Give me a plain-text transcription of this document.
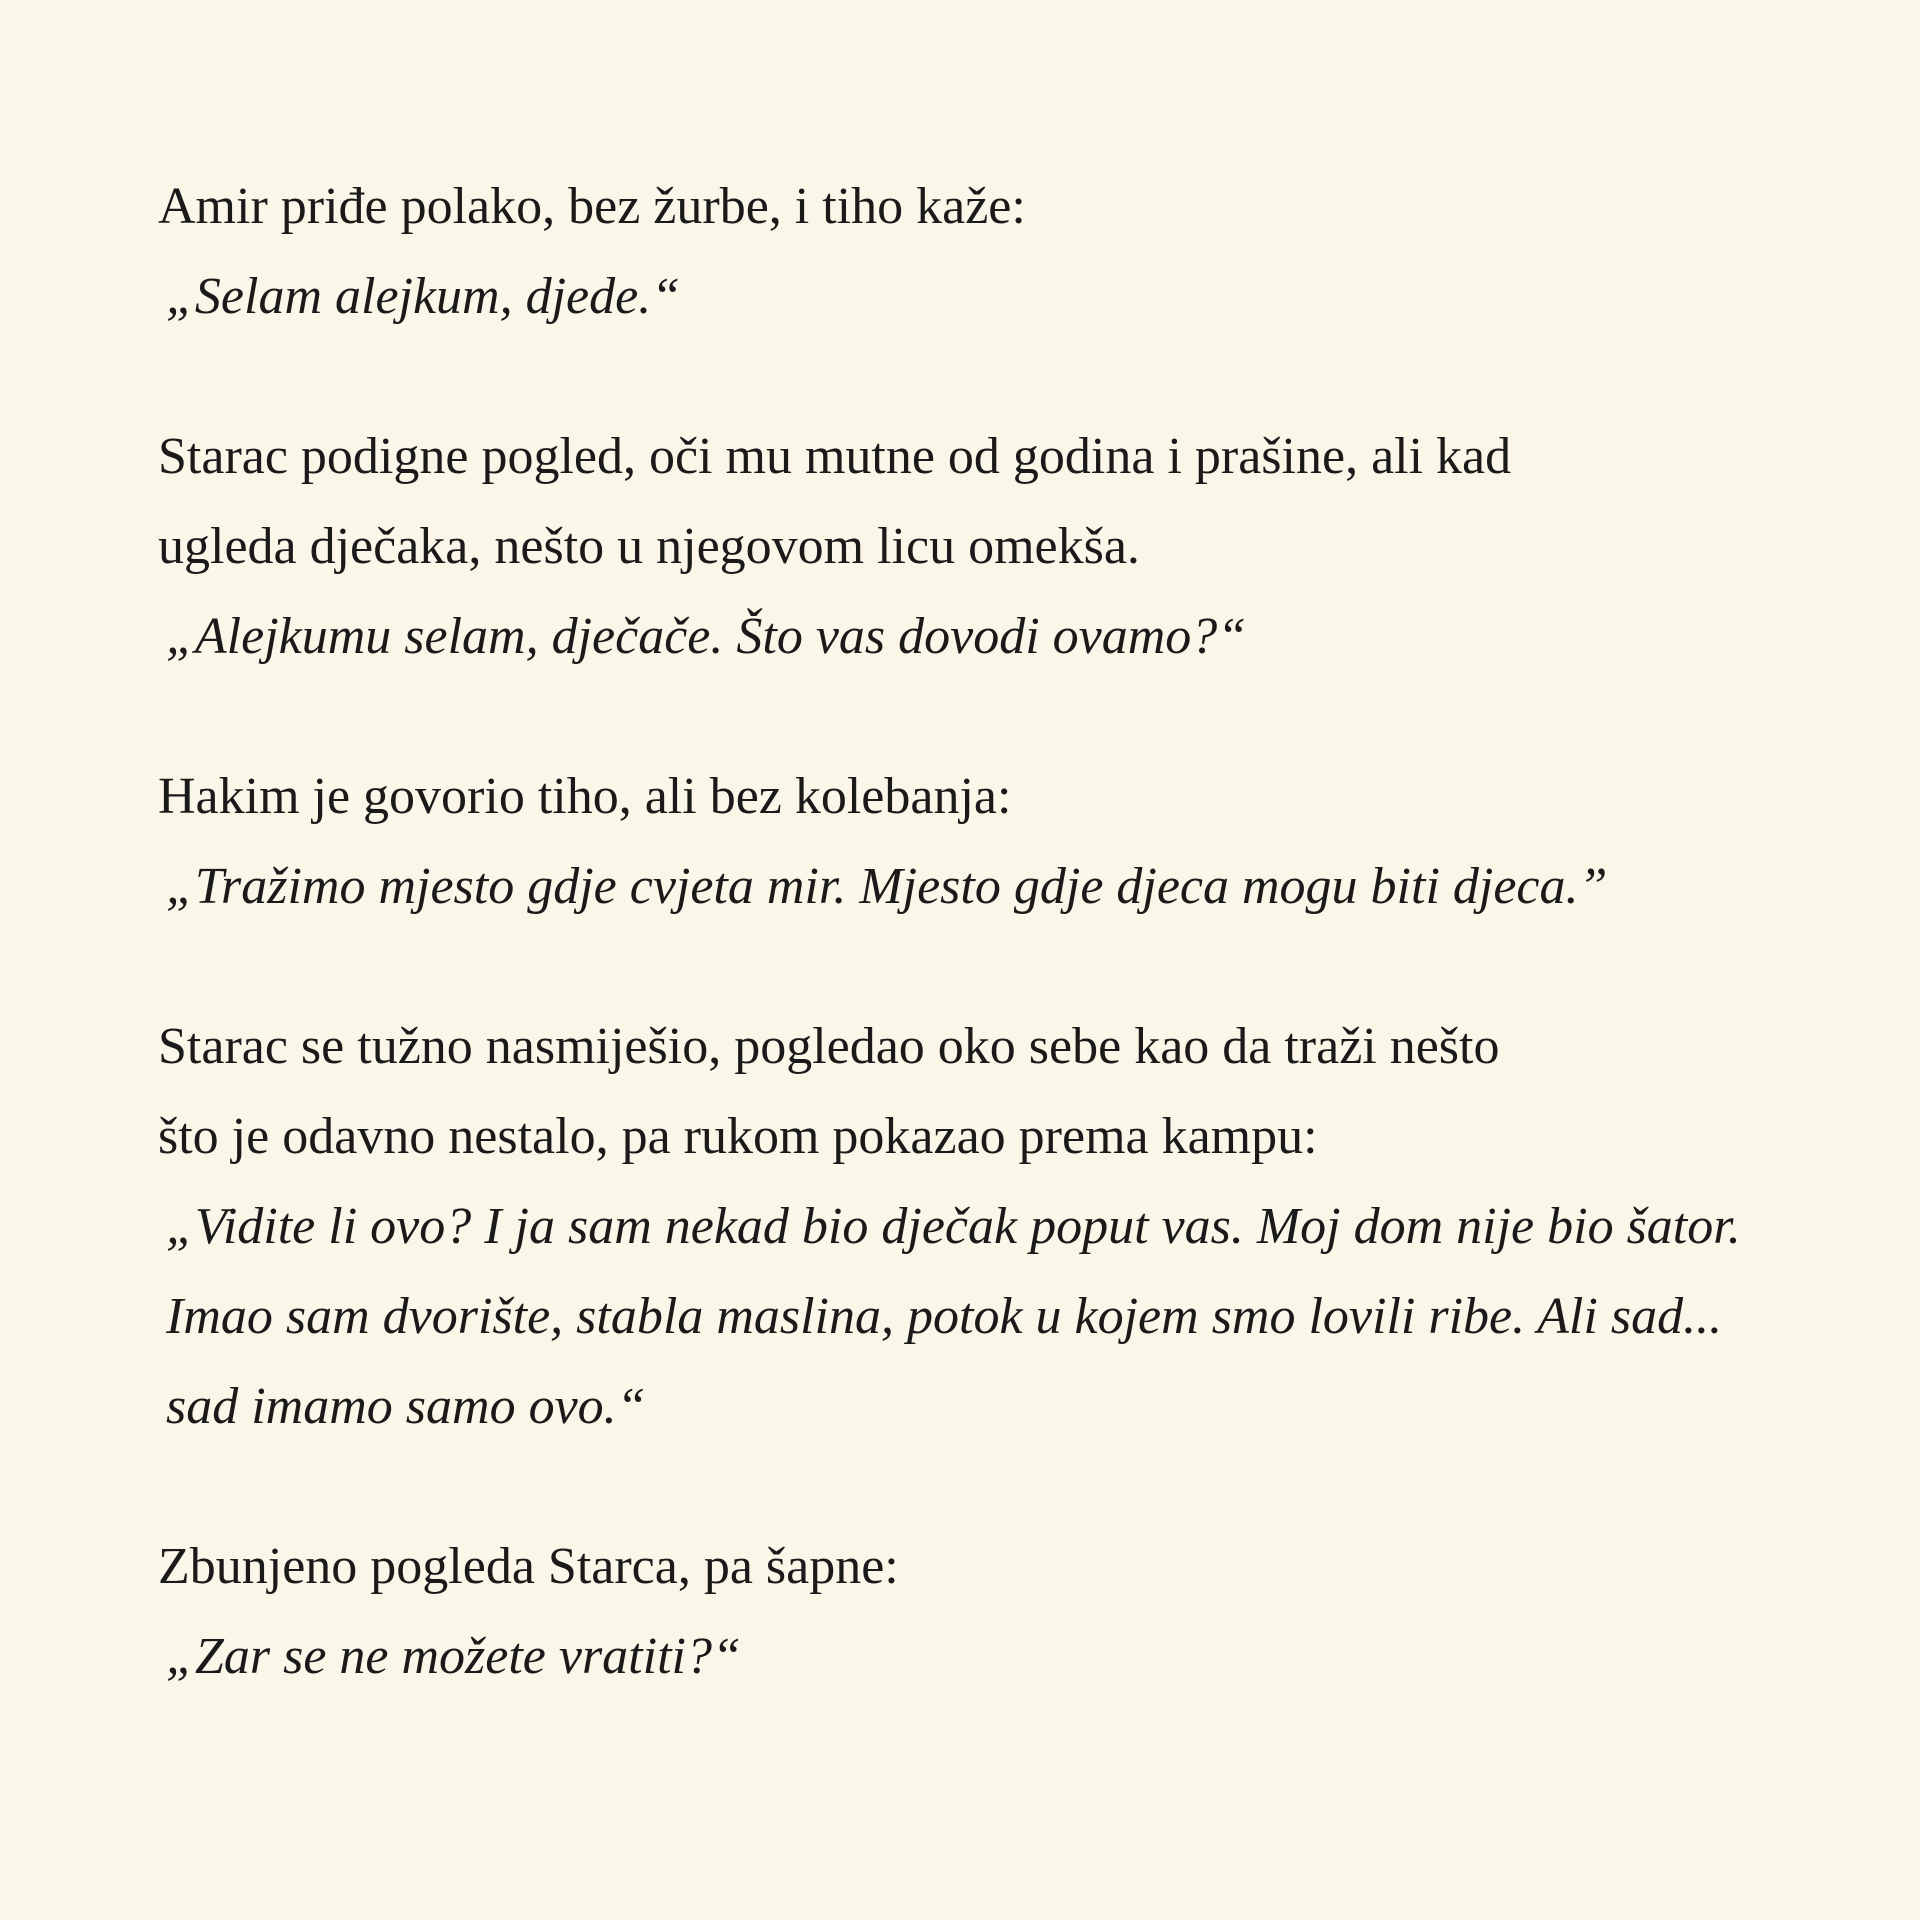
Amir priđe polako, bez žurbe, i tiho kaže:
„Selam alejkum, djede.“
Starac podigne pogled, oči mu mutne od godina i prašine, ali kad
ugleda dječaka, nešto u njegovom licu omekša.
„Alejkumu selam, dječače. Što vas dovodi ovamo?“
Hakim je govorio tiho, ali bez kolebanja:
„Tražimo mjesto gdje cvjeta mir. Mjesto gdje djeca mogu biti djeca.”
Starac se tužno nasmiješio, pogledao oko sebe kao da traži nešto
što je odavno nestalo, pa rukom pokazao prema kampu:
„Vidite li ovo? I ja sam nekad bio dječak poput vas. Moj dom nije bio šator.
Imao sam dvorište, stabla maslina, potok u kojem smo lovili ribe. Ali sad...
sad imamo samo ovo.“
Zbunjeno pogleda Starca, pa šapne:
„Zar se ne možete vratiti?“
